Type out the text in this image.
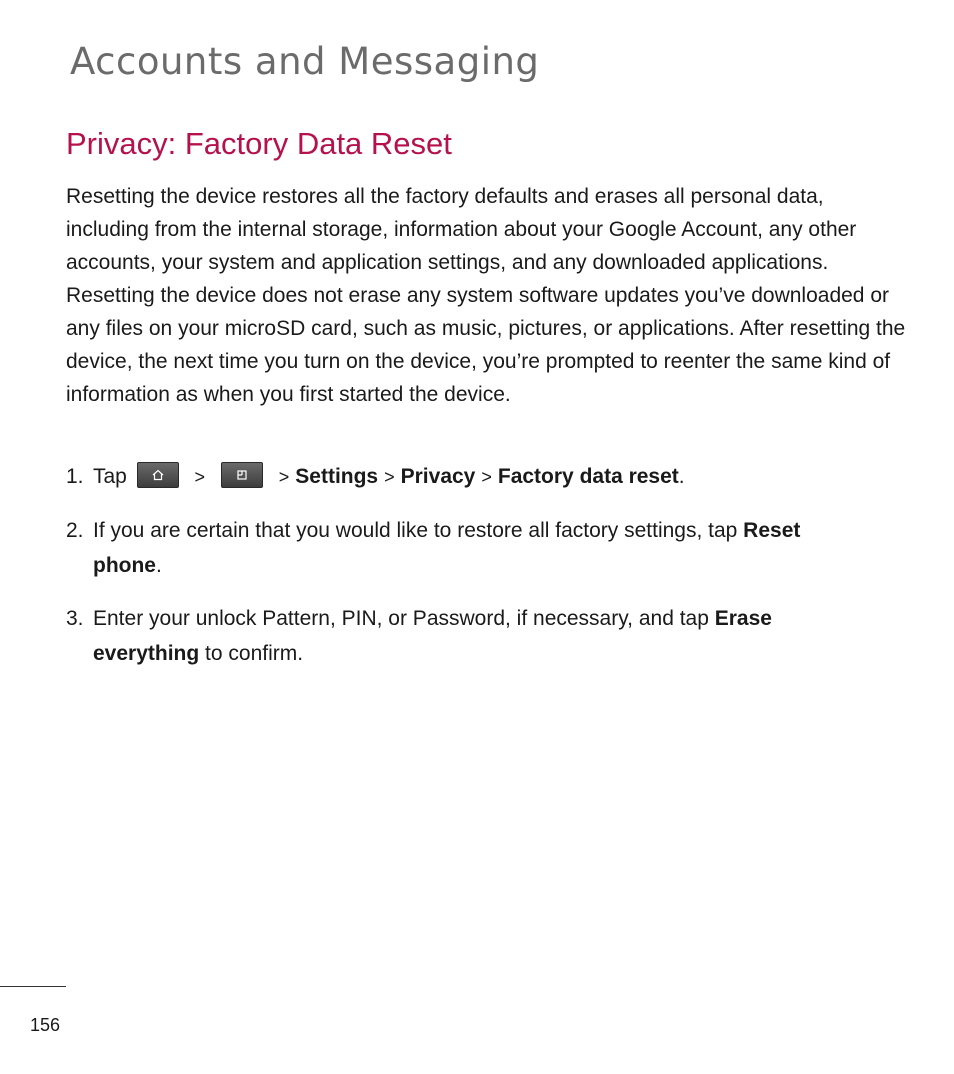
Accounts and Messaging
Privacy: Factory Data Reset

Resetting the device restores all the factory defaults and erases all personal data, including from the internal storage, information about your Google Account, any other accounts, your system and application settings, and any downloaded applications. Resetting the device does not erase any system software updates you’ve downloaded or any files on your microSD card, such as music, pictures, or applications. After resetting the device, the next time you turn on the device, you’re prompted to reenter the same kind of information as when you first started the device.

1. Tap	>	> Settings > Privacy > Factory data reset.
2. If you are certain that you would like to restore all factory settings, tap Reset
phone.
3. Enter your unlock Pattern, PIN, or Password, if necessary, and tap Erase
everything to confirm.
156
